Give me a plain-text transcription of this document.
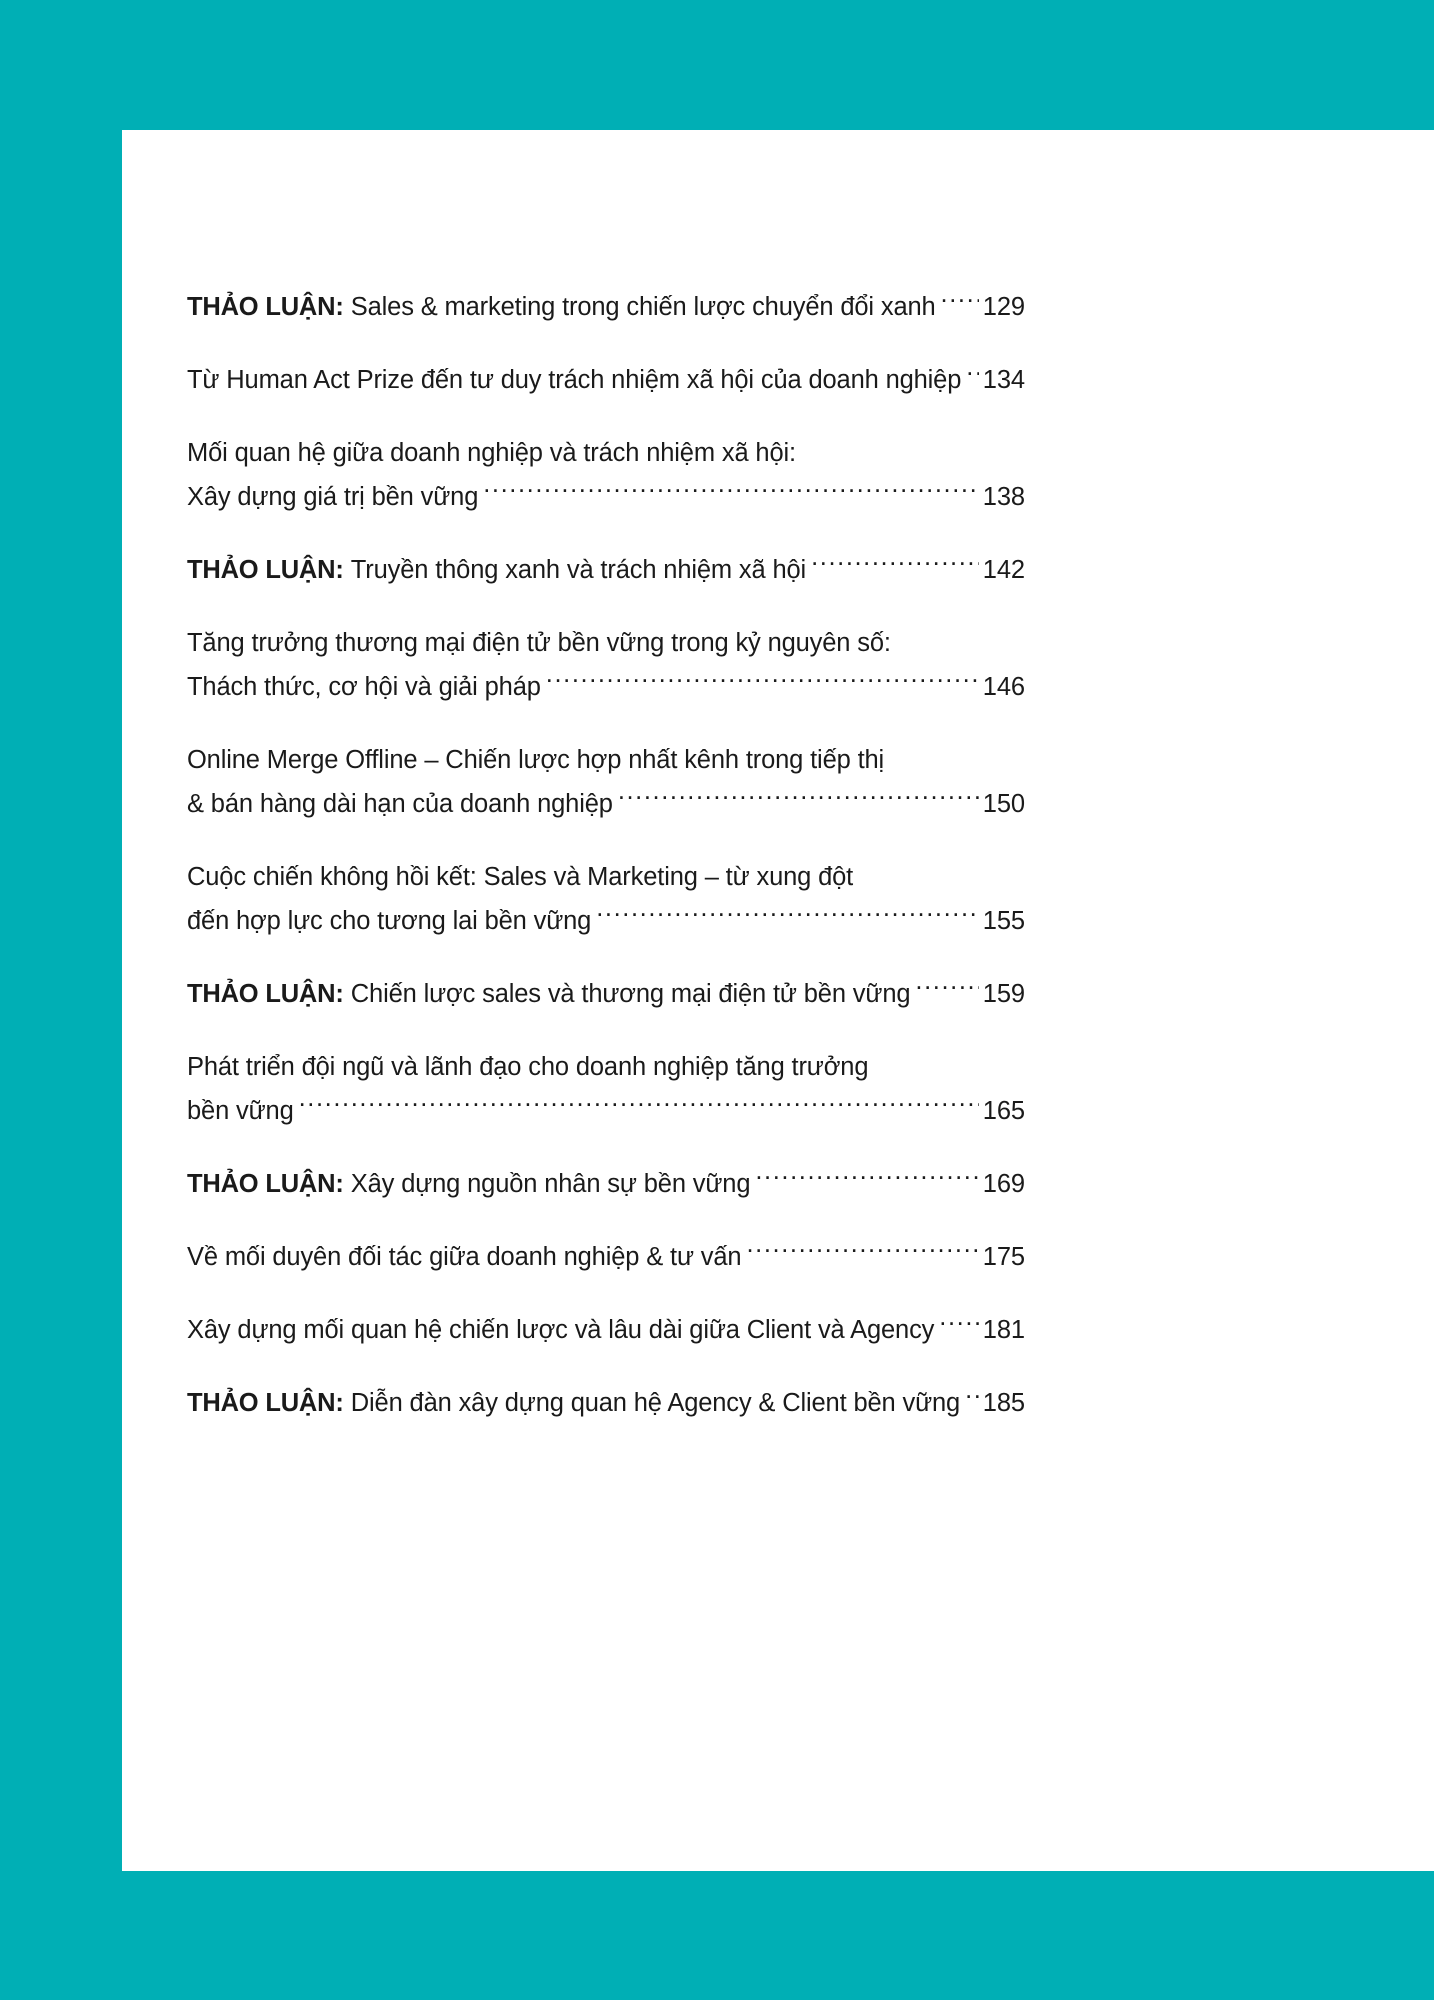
THẢO LUẬN: Sales & marketing trong chiến lược chuyển đổi xanh ..... 129
Từ Human Act Prize đến tư duy trách nhiệm xã hội của doanh nghiệp ..... 134
Mối quan hệ giữa doanh nghiệp và trách nhiệm xã hội:
Xây dựng giá trị bền vững .....	138
THẢO LUẬN: Truyền thông xanh và trách nhiệm xã hội .....	142
Tăng trưởng thương mại điện tử bền vững trong kỷ nguyên số:
Thách thức, cơ hội và giải pháp .....	146
Online Merge Offline – Chiến lược hợp nhất kênh trong tiếp thị
& bán hàng dài hạn của doanh nghiệp .....	150
Cuộc chiến không hồi kết: Sales và Marketing – từ xung đột
đến hợp lực cho tương lai bền vững .....	155
THẢO LUẬN: Chiến lược sales và thương mại điện tử bền vững .....	159
Phát triển đội ngũ và lãnh đạo cho doanh nghiệp tăng trưởng
bền vững .....	165
THẢO LUẬN: Xây dựng nguồn nhân sự bền vững .....	169
Về mối duyên đối tác giữa doanh nghiệp & tư vấn .....	175
Xây dựng mối quan hệ chiến lược và lâu dài giữa Client và Agency ..... 181
THẢO LUẬN: Diễn đàn xây dựng quan hệ Agency & Client bền vững ..... 185
